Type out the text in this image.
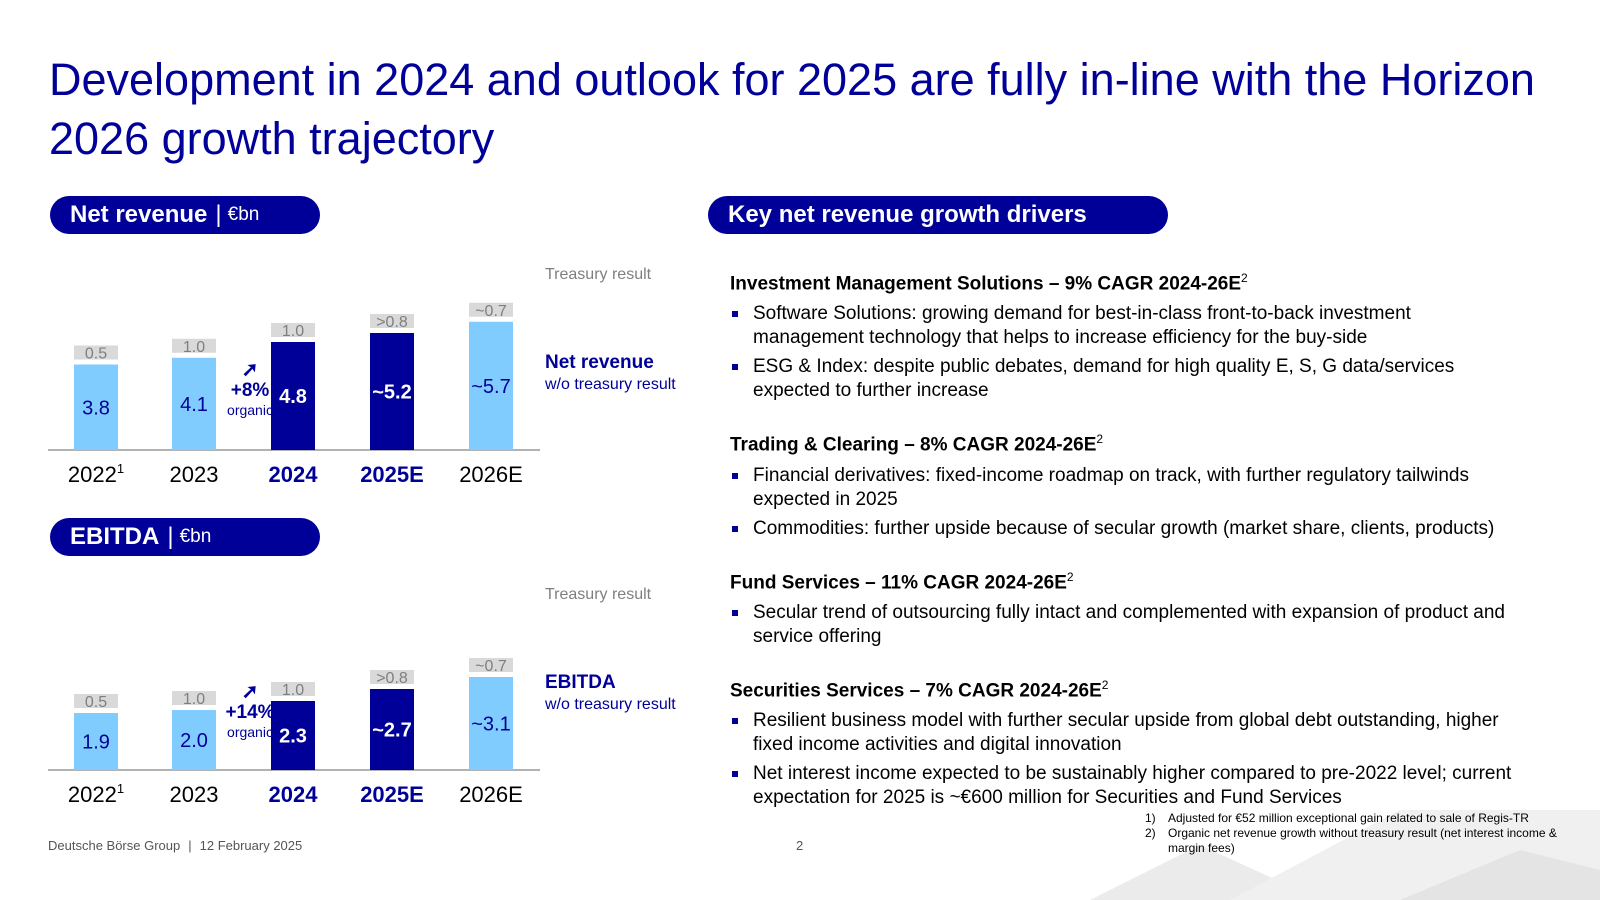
Development in 2024 and outlook for 2025 are fully in-line with the Horizon 2026 growth trajectory
Net revenue | €bn
EBITDA | €bn
Key net revenue growth drivers
3.8
0.5
2022$^1$
4.1
1.0
2023
4.8
1.0
2024
~5.2
>0.8
2025E
~5.7
~0.7
2026E
Treasury result
Net revenue
w/o treasury result
➚
+8%
organic
1.9
0.5
2022$^1$
2.0
1.0
2023
2.3
1.0
2024
~2.7
>0.8
2025E
~3.1
~0.7
2026E
Treasury result
EBITDA
w/o treasury result
➚
+14%
organic
Investment Management Solutions – 9% CAGR $2024-26E^2$
Software Solutions: growing demand for best-in-class front-to-back investment management technology that helps to increase efficiency for the buy-side
ESG & Index: despite public debates, demand for high quality E, S, G data/services expected to further increase
Trading & Clearing – 8% CAGR $2024-26E^2$
Financial derivatives: fixed-income roadmap on track, with further regulatory tailwinds expected in 2025
Commodities: further upside because of secular growth (market share, clients, products)
Fund Services – 11% CAGR $2024-26E^2$
Secular trend of outsourcing fully intact and complemented with expansion of product and service offering
Securities Services – 7% CAGR $2024-26E^2$
Resilient business model with further secular upside from global debt outstanding, higher fixed income activities and digital innovation
Net interest income expected to be sustainably higher compared to pre-2022 level; current expectation for 2025 is ~€600 million for Securities and Fund Services
Deutsche Börse Group | 12 February 2025	2
1)	Adjusted for €52 million exceptional gain related to sale of Regis-TR
2)	Organic net revenue growth without treasury result (net interest income & margin fees)
